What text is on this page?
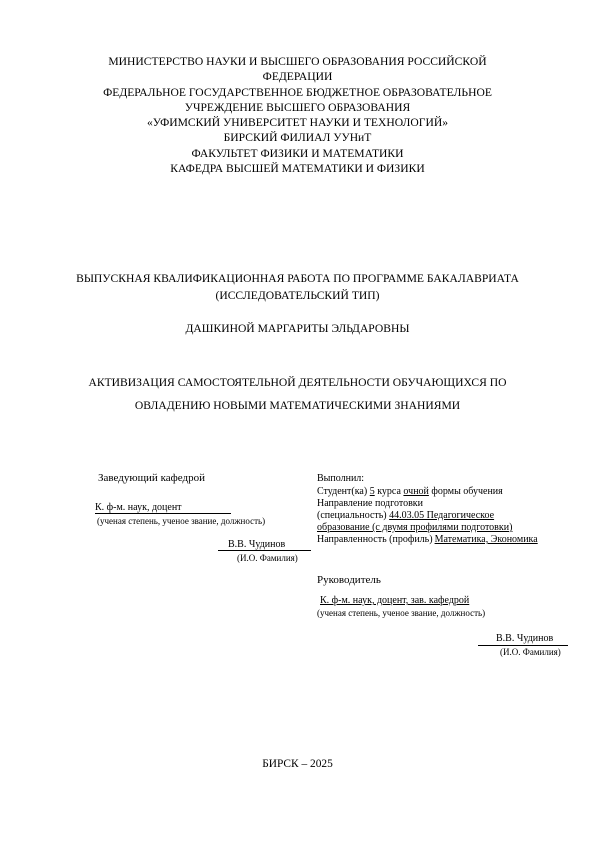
МИНИСТЕРСТВО НАУКИ И ВЫСШЕГО ОБРАЗОВАНИЯ РОССИЙСКОЙ
ФЕДЕРАЦИИ
ФЕДЕРАЛЬНОЕ ГОСУДАРСТВЕННОЕ БЮДЖЕТНОЕ ОБРАЗОВАТЕЛЬНОЕ
УЧРЕЖДЕНИЕ ВЫСШЕГО ОБРАЗОВАНИЯ
«УФИМСКИЙ УНИВЕРСИТЕТ НАУКИ И ТЕХНОЛОГИЙ»
БИРСКИЙ ФИЛИАЛ УУНиТ
ФАКУЛЬТЕТ ФИЗИКИ И МАТЕМАТИКИ
КАФЕДРА ВЫСШЕЙ МАТЕМАТИКИ И ФИЗИКИ
ВЫПУСКНАЯ КВАЛИФИКАЦИОННАЯ РАБОТА ПО ПРОГРАММЕ БАКАЛАВРИАТА
(ИССЛЕДОВАТЕЛЬСКИЙ ТИП)
ДАШКИНОЙ МАРГАРИТЫ ЭЛЬДАРОВНЫ
АКТИВИЗАЦИЯ САМОСТОЯТЕЛЬНОЙ ДЕЯТЕЛЬНОСТИ ОБУЧАЮЩИХСЯ ПО
ОВЛАДЕНИЮ НОВЫМИ МАТЕМАТИЧЕСКИМИ ЗНАНИЯМИ
Заведующий кафедрой
К. ф-м. наук, доцент
(ученая степень, ученое звание, должность)
В.В. Чудинов
(И.О. Фамилия)
Выполнил:
Студент(ка) 5 курса очной формы обучения
Направление подготовки
(специальность) 44.03.05 Педагогическое
образование (с двумя профилями подготовки)
Направленность (профиль) Математика, Экономика
Руководитель
К. ф-м. наук, доцент, зав. кафедрой
(ученая степень, ученое звание, должность)
В.В. Чудинов
(И.О. Фамилия)
БИРСК – 2025
